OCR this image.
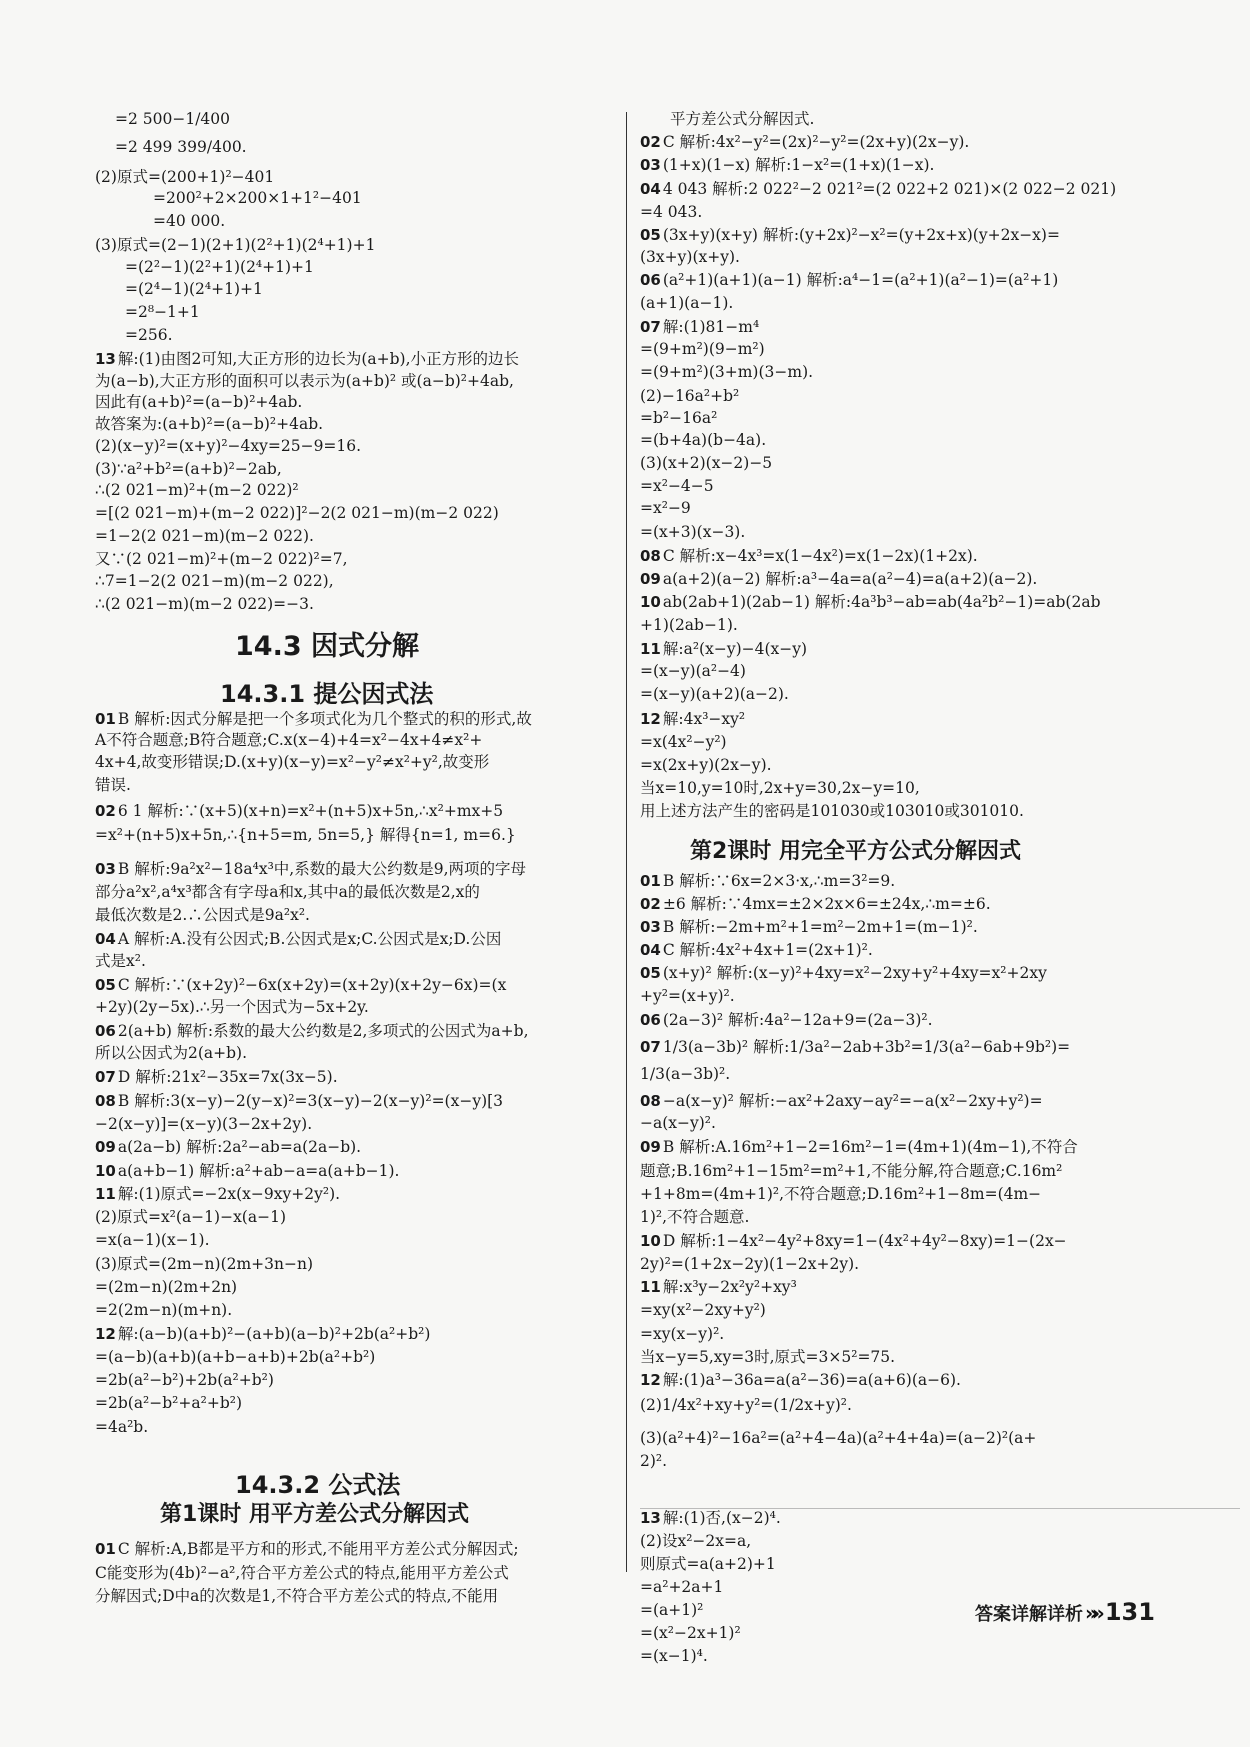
=2 500−1/400
=2 499 399/400.
(2)原式=(200+1)²−401
=200²+2×200×1+1²−401
=40 000.
(3)原式=(2−1)(2+1)(2²+1)(2⁴+1)+1
=(2²−1)(2²+1)(2⁴+1)+1
=(2⁴−1)(2⁴+1)+1
=2⁸−1+1
=256.
13 解:(1)由图2可知,大正方形的边长为(a+b),小正方形的边长
为(a−b),大正方形的面积可以表示为(a+b)² 或(a−b)²+4ab,
因此有(a+b)²=(a−b)²+4ab.
故答案为:(a+b)²=(a−b)²+4ab.
(2)(x−y)²=(x+y)²−4xy=25−9=16.
(3)∵a²+b²=(a+b)²−2ab,
∴(2 021−m)²+(m−2 022)²
=[(2 021−m)+(m−2 022)]²−2(2 021−m)(m−2 022)
=1−2(2 021−m)(m−2 022).
又∵(2 021−m)²+(m−2 022)²=7,
∴7=1−2(2 021−m)(m−2 022),
∴(2 021−m)(m−2 022)=−3.
14.3 因式分解
14.3.1 提公因式法
01 B 解析:因式分解是把一个多项式化为几个整式的积的形式,故
A不符合题意;B符合题意;C.x(x−4)+4=x²−4x+4≠x²+
4x+4,故变形错误;D.(x+y)(x−y)=x²−y²≠x²+y²,故变形
错误.
02 6 1 解析:∵(x+5)(x+n)=x²+(n+5)x+5n,∴x²+mx+5
=x²+(n+5)x+5n,∴{n+5=m, 5n=5,} 解得{n=1, m=6.}
03 B 解析:9a²x²−18a⁴x³中,系数的最大公约数是9,两项的字母
部分a²x²,a⁴x³都含有字母a和x,其中a的最低次数是2,x的
最低次数是2.∴公因式是9a²x².
04 A 解析:A.没有公因式;B.公因式是x;C.公因式是x;D.公因
式是x².
05 C 解析:∵(x+2y)²−6x(x+2y)=(x+2y)(x+2y−6x)=(x
+2y)(2y−5x).∴另一个因式为−5x+2y.
06 2(a+b) 解析:系数的最大公约数是2,多项式的公因式为a+b,
所以公因式为2(a+b).
07 D 解析:21x²−35x=7x(3x−5).
08 B 解析:3(x−y)−2(y−x)²=3(x−y)−2(x−y)²=(x−y)[3
−2(x−y)]=(x−y)(3−2x+2y).
09 a(2a−b) 解析:2a²−ab=a(2a−b).
10 a(a+b−1) 解析:a²+ab−a=a(a+b−1).
11 解:(1)原式=−2x(x−9xy+2y²).
(2)原式=x²(a−1)−x(a−1)
=x(a−1)(x−1).
(3)原式=(2m−n)(2m+3n−n)
=(2m−n)(2m+2n)
=2(2m−n)(m+n).
12 解:(a−b)(a+b)²−(a+b)(a−b)²+2b(a²+b²)
=(a−b)(a+b)(a+b−a+b)+2b(a²+b²)
=2b(a²−b²)+2b(a²+b²)
=2b(a²−b²+a²+b²)
=4a²b.
14.3.2 公式法
第1课时 用平方差公式分解因式
01 C 解析:A,B都是平方和的形式,不能用平方差公式分解因式;
C能变形为(4b)²−a²,符合平方差公式的特点,能用平方差公式
分解因式;D中a的次数是1,不符合平方差公式的特点,不能用
平方差公式分解因式.
02 C 解析:4x²−y²=(2x)²−y²=(2x+y)(2x−y).
03 (1+x)(1−x) 解析:1−x²=(1+x)(1−x).
04 4 043 解析:2 022²−2 021²=(2 022+2 021)×(2 022−2 021)
=4 043.
05 (3x+y)(x+y) 解析:(y+2x)²−x²=(y+2x+x)(y+2x−x)=
(3x+y)(x+y).
06 (a²+1)(a+1)(a−1) 解析:a⁴−1=(a²+1)(a²−1)=(a²+1)
(a+1)(a−1).
07 解:(1)81−m⁴
=(9+m²)(9−m²)
=(9+m²)(3+m)(3−m).
(2)−16a²+b²
=b²−16a²
=(b+4a)(b−4a).
(3)(x+2)(x−2)−5
=x²−4−5
=x²−9
=(x+3)(x−3).
08 C 解析:x−4x³=x(1−4x²)=x(1−2x)(1+2x).
09 a(a+2)(a−2) 解析:a³−4a=a(a²−4)=a(a+2)(a−2).
10 ab(2ab+1)(2ab−1) 解析:4a³b³−ab=ab(4a²b²−1)=ab(2ab
+1)(2ab−1).
11 解:a²(x−y)−4(x−y)
=(x−y)(a²−4)
=(x−y)(a+2)(a−2).
12 解:4x³−xy²
=x(4x²−y²)
=x(2x+y)(2x−y).
当x=10,y=10时,2x+y=30,2x−y=10,
用上述方法产生的密码是101030或103010或301010.
第2课时 用完全平方公式分解因式
01 B 解析:∵6x=2×3·x,∴m=3²=9.
02 ±6 解析:∵4mx=±2×2x×6=±24x,∴m=±6.
03 B 解析:−2m+m²+1=m²−2m+1=(m−1)².
04 C 解析:4x²+4x+1=(2x+1)².
05 (x+y)² 解析:(x−y)²+4xy=x²−2xy+y²+4xy=x²+2xy
+y²=(x+y)².
06 (2a−3)² 解析:4a²−12a+9=(2a−3)².
07 1/3(a−3b)² 解析:1/3a²−2ab+3b²=1/3(a²−6ab+9b²)=
1/3(a−3b)².
08 −a(x−y)² 解析:−ax²+2axy−ay²=−a(x²−2xy+y²)=
−a(x−y)².
09 B 解析:A.16m²+1−2=16m²−1=(4m+1)(4m−1),不符合
题意;B.16m²+1−15m²=m²+1,不能分解,符合题意;C.16m²
+1+8m=(4m+1)²,不符合题意;D.16m²+1−8m=(4m−
1)²,不符合题意.
10 D 解析:1−4x²−4y²+8xy=1−(4x²+4y²−8xy)=1−(2x−
2y)²=(1+2x−2y)(1−2x+2y).
11 解:x³y−2x²y²+xy³
=xy(x²−2xy+y²)
=xy(x−y)².
当x−y=5,xy=3时,原式=3×5²=75.
12 解:(1)a³−36a=a(a²−36)=a(a+6)(a−6).
(2)1/4x²+xy+y²=(1/2x+y)².
(3)(a²+4)²−16a²=(a²+4−4a)(a²+4+4a)=(a−2)²(a+
2)².
13 解:(1)否,(x−2)⁴.
(2)设x²−2x=a,
则原式=a(a+2)+1
=a²+2a+1
=(a+1)²
=(x²−2x+1)²
=(x−1)⁴.
答案详解详析 »» 131
